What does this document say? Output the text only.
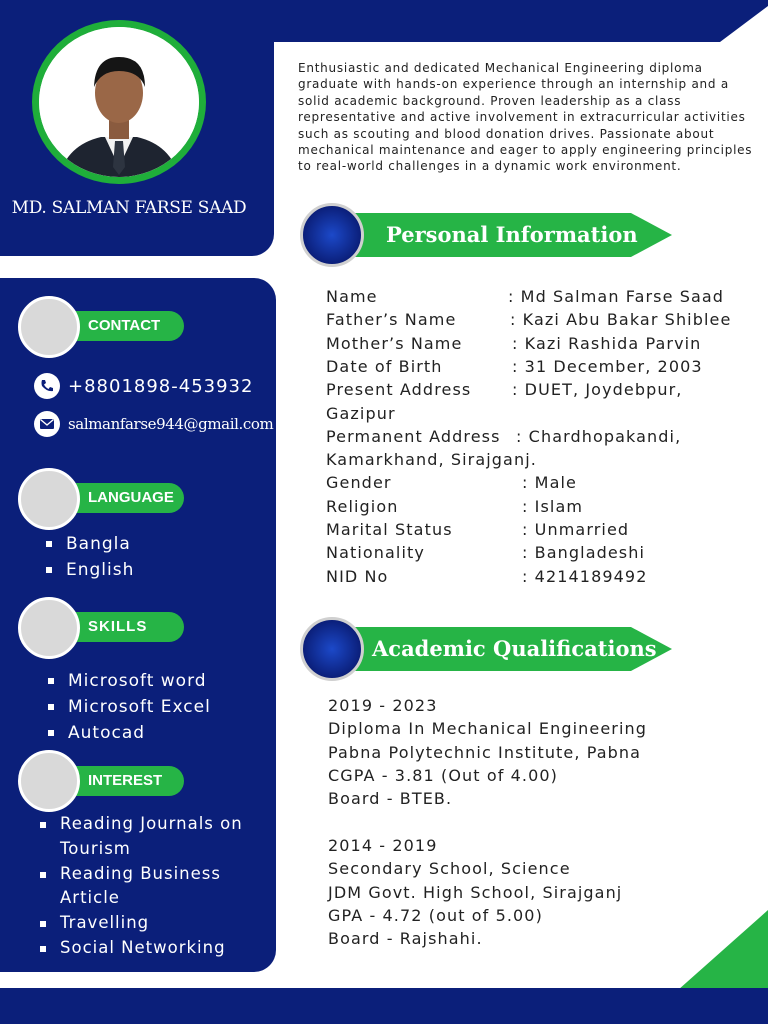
MD. SALMAN FARSE SAAD

Enthusiastic and dedicated Mechanical Engineering diploma graduate with hands-on experience through an internship and a solid academic background. Proven leadership as a class representative and active involvement in extracurricular activities such as scouting and blood donation drives. Passionate about mechanical maintenance and eager to apply engineering principles to real-world challenges in a dynamic work environment.

CONTACT
+8801898-453932
salmanfarse944@gmail.com
LANGUAGE
Bangla
English
SKILLS
Microsoft word
Microsoft Excel
Autocad
INTEREST
Reading Journals on
Tourism
Reading Business
Article
Travelling
Social Networking
Personal Information
Name	: Md Salman Farse Saad
Father’s Name	: Kazi Abu Bakar Shiblee
Mother’s Name	: Kazi Rashida Parvin
Date of Birth	: 31 December, 2003
Present Address	: DUET, Joydebpur,
Gazipur
Permanent Address : Chardhopakandi,
Kamarkhand, Sirajganj.
Gender	: Male
Religion	: Islam
Marital Status	: Unmarried
Nationality	: Bangladeshi
NID No	: 4214189492
Academic Qualifications
2019 - 2023
Diploma In Mechanical Engineering
Pabna Polytechnic Institute, Pabna
CGPA - 3.81 (Out of 4.00)
Board - BTEB.
2014 - 2019
Secondary School, Science
JDM Govt. High School, Sirajganj
GPA - 4.72 (out of 5.00)
Board - Rajshahi.
